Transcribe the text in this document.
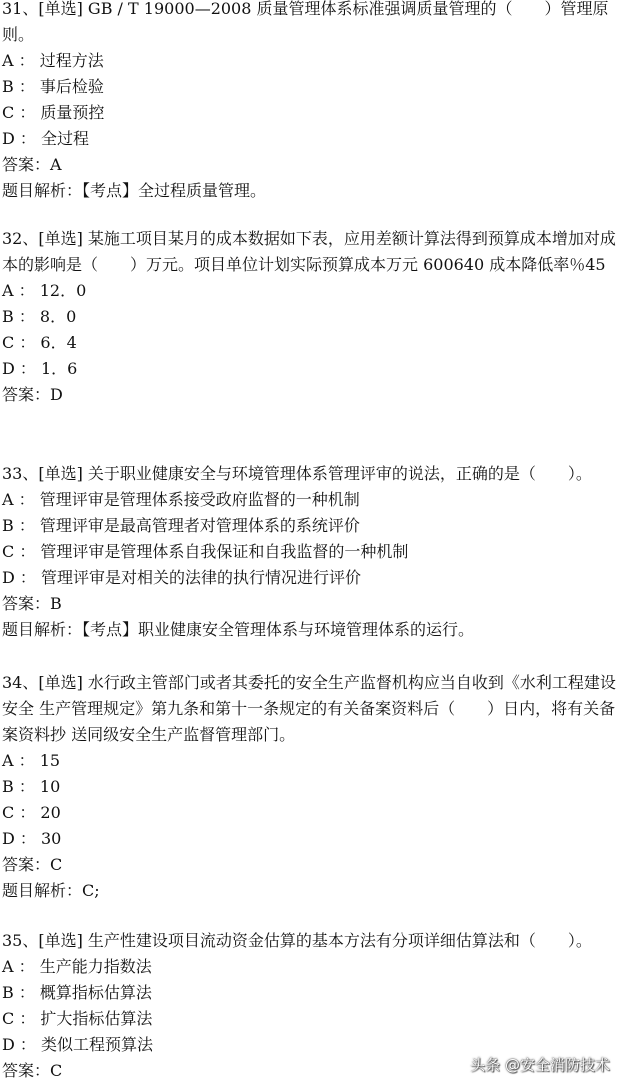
31、[单选] GB / T 19000—2008 质量管理体系标准强调质量管理的（　　）管理原则。
A ： 过程方法
B ： 事后检验
C ： 质量预控
D ： 全过程
答案：A
题目解析：【考点】全过程质量管理。
32、[单选] 某施工项目某月的成本数据如下表，应用差额计算法得到预算成本增加对成本的影响是（　　）万元。项目单位计划实际预算成本万元 600640 成本降低率％45
A ： 12．0
B ： 8．0
C ： 6．4
D ： 1．6
答案：D
33、[单选] 关于职业健康安全与环境管理体系管理评审的说法，正确的是（　　）。
A ： 管理评审是管理体系接受政府监督的一种机制
B ： 管理评审是最高管理者对管理体系的系统评价
C ： 管理评审是管理体系自我保证和自我监督的一种机制
D ： 管理评审是对相关的法律的执行情况进行评价
答案：B
题目解析：【考点】职业健康安全管理体系与环境管理体系的运行。
34、[单选] 水行政主管部门或者其委托的安全生产监督机构应当自收到《水利工程建设安全 生产管理规定》第九条和第十一条规定的有关备案资料后（　　）日内，将有关备案资料抄 送同级安全生产监督管理部门。
A ： 15
B ： 10
C ： 20
D ： 30
答案：C
题目解析：C;
35、[单选] 生产性建设项目流动资金估算的基本方法有分项详细估算法和（　　）。
A ： 生产能力指数法
B ： 概算指标估算法
C ： 扩大指标估算法
D ： 类似工程预算法
答案：C	头条 @安全消防技术
